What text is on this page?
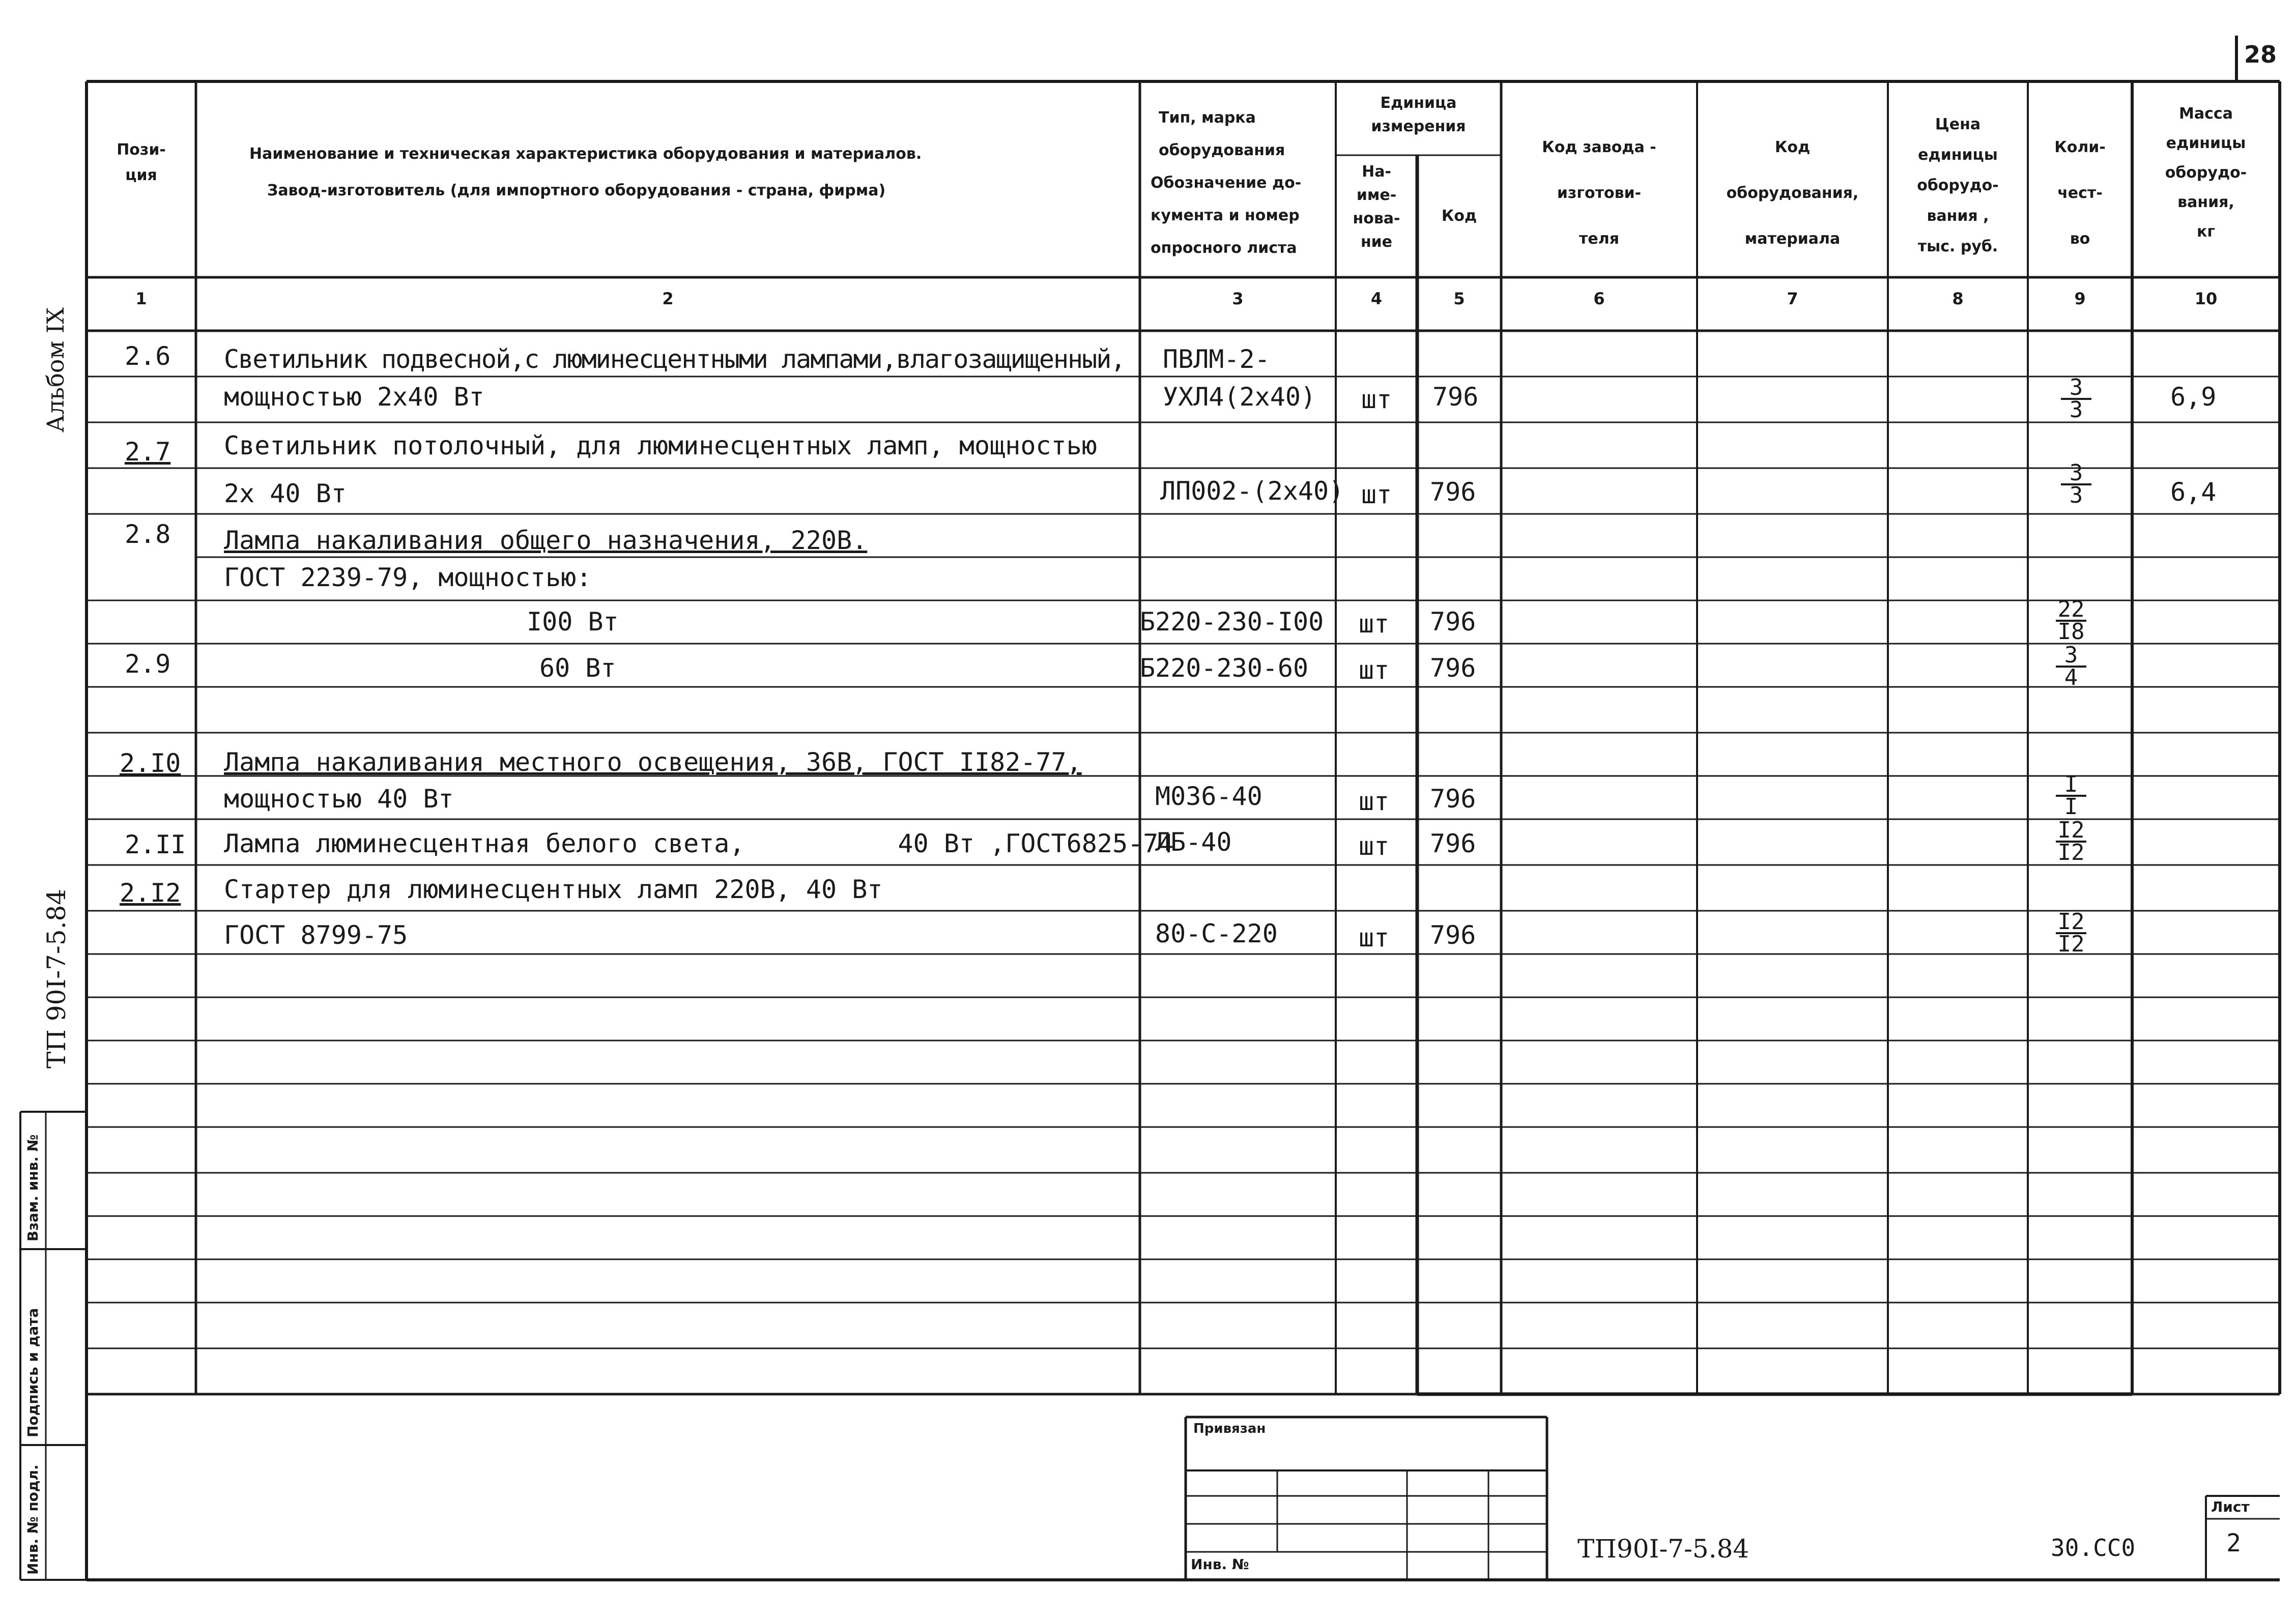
28
Альбом IX
ТП 90I-7-5.84
Взам. инв. №
Подпись и дата
Инв. № подл.
Пози-
ция
Наименование и техническая характеристика оборудования и материалов.
Завод-изготовитель (для импортного оборудования - страна, фирма)
Тип, марка
оборудования
Обозначение до-
кумента и номер
опросного листа
Единица
измерения
На-
име-
нова-
ние
Код
Код завода -
изготови-
теля
Код
оборудования,
материала
Цена
единицы
оборудо-
вания ,
тыс. руб.
Коли-
чест-
во
Масса
единицы
оборудо-
вания,
кг
1	2	3	4	5	6	7	8	9	10
2.6 Светильник подвесной,с люминесцентными лампами,влагозащищенный, ПВЛМ-2-
мощностью 2х40 Вт	УХЛ4(2х40) шт 796	$\frac{3}{3}$	6,9
2.7 Светильник потолочный, для люминесцентных ламп, мощностью
2х 40 Вт	ЛП002-(2х40) шт 796	$\frac{3}{3}$	6,4
2.8 Лампа накаливания общего назначения, 220В.
ГОСТ 2239-79, мощностью:
I00 Вт	Б220-230-I00 шт 796	$\frac{22}{I8}$
2.9	60 Вт	Б220-230-60 шт 796	$\frac{3}{4}$
2.I0 Лампа накаливания местного освещения, 36В, ГОСТ II82-77,
мощностью 40 Вт	М036-40	шт 796	$\frac{I}{I}$
2.II Лампа люминесцентная белого света,          40 Вт ,ГОСТ6825-74
ЛБ-40	шт 796	$\frac{I2}{I2}$
2.I2 Стартер для люминесцентных ламп 220В, 40 Вт
ГОСТ 8799-75	80-С-220	шт 796	$\frac{I2}{I2}$
Привязан
Инв. №
ТП90I-7-5.84	30.СС0
Лист
2
